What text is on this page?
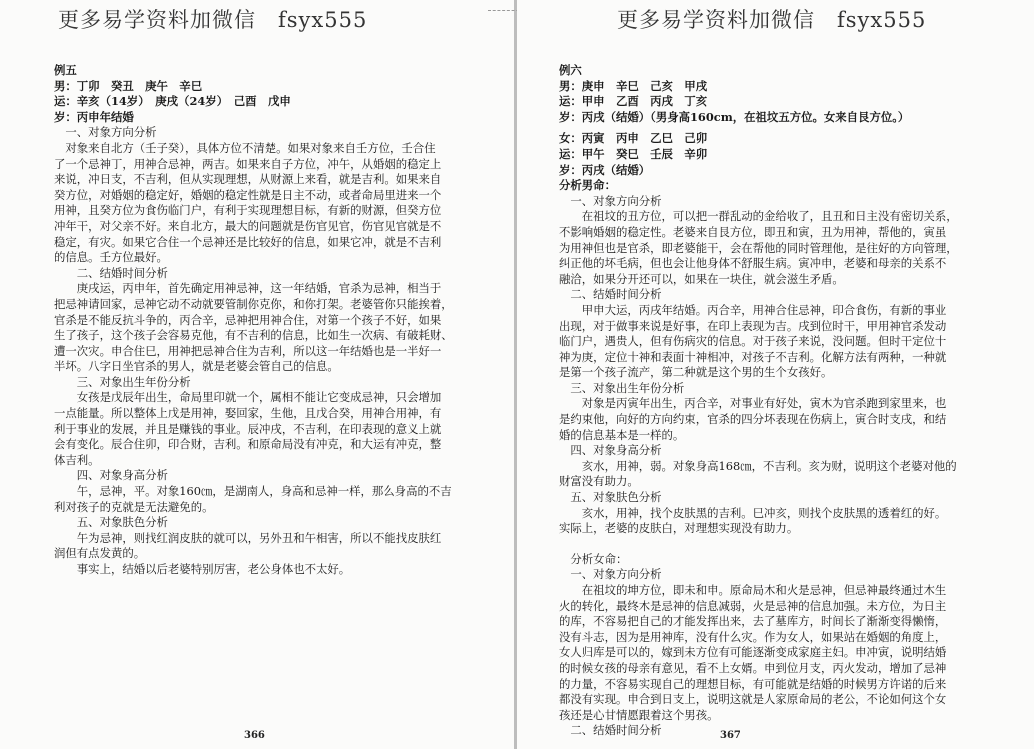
更多易学资料加微信　fsyx555
例五
男：丁卯　癸丑　庚午　辛巳
运：辛亥（14岁）　庚戌（24岁）　己酉　戊申
岁：丙申年结婚
　一、对象方向分析
　对象来自北方（壬子癸），具体方位不清楚。如果对象来自壬方位，壬合住
了一个忌神丁，用神合忌神，两吉。如果来自子方位，冲午，从婚姻的稳定上
来说，冲日支，不吉利，但从实现理想，从财源上来看，就是吉利。如果来自
癸方位，对婚姻的稳定好，婚姻的稳定性就是日主不动，或者命局里进来一个
用神，且癸方位为食伤临门户，有利于实现理想目标，有新的财源，但癸方位
冲年干，对父亲不好。来自北方，最大的问题就是伤官见官，伤官见官就是不
稳定，有灾。如果它合住一个忌神还是比较好的信息，如果它冲，就是不吉利
的信息。壬方位最好。
　　二、结婚时间分析
　　庚戌运，丙申年，首先确定用神忌神，这一年结婚，官杀为忌神，相当于
把忌神请回家，忌神它动不动就要管制你克你，和你打架。老婆管你只能挨着，
官杀是不能反抗斗争的，丙合辛，忌神把用神合住，对第一个孩子不好，如果
生了孩子，这个孩子会容易克他，有不吉利的信息，比如生一次病、有破耗财、
遭一次灾。申合住巳，用神把忌神合住为吉利，所以这一年结婚也是一半好一
半坏。八字日坐官杀的男人，就是老婆会管自己的信息。
　　三、对象出生年份分析
　　女孩是戊辰年出生，命局里印就一个，属相不能让它变成忌神，只会增加
一点能量。所以整体上戊是用神，娶回家，生他，且戊合癸，用神合用神，有
利于事业的发展，并且是赚钱的事业。辰冲戌，不吉利，在印表现的意义上就
会有变化。辰合住卯，印合财，吉利。和原命局没有冲克，和大运有冲克，整
体吉利。
　　四、对象身高分析
　　午，忌神，平。对象160㎝，是湖南人，身高和忌神一样，那么身高的不吉
利对孩子的克就是无法避免的。
　　五、对象肤色分析
　　午为忌神，则找红润皮肤的就可以，另外丑和午相害，所以不能找皮肤红
润但有点发黄的。
　　事实上，结婚以后老婆特别厉害，老公身体也不太好。
366
更多易学资料加微信　fsyx555
例六
男：庚申　辛巳　己亥　甲戌
运：甲申　乙酉　丙戌　丁亥
岁：丙戌（结婚）（男身高160cm，在祖坟五方位。女来自艮方位。）
女：丙寅　丙申　乙巳　己卯
运：甲午　癸巳　壬辰　辛卯
岁：丙戌（结婚）
分析男命：
　一、对象方向分析
　　在祖坟的丑方位，可以把一群乱动的金给收了，且丑和日主没有密切关系，
不影响婚姻的稳定性。老婆来自艮方位，即丑和寅，丑为用神，帮他的，寅虽
为用神但也是官杀，即老婆能干，会在帮他的同时管理他，是往好的方向管理，
纠正他的坏毛病，但也会让他身体不舒服生病。寅冲申，老婆和母亲的关系不
融洽，如果分开还可以，如果在一块住，就会滋生矛盾。
　二、结婚时间分析
　　甲申大运，丙戌年结婚。丙合辛，用神合住忌神，印合食伤，有新的事业
出现，对于做事来说是好事，在印上表现为吉。戌到位时干，甲用神官杀发动
临门户，遇贵人，但有伤病灾的信息。对于孩子来说，没问题。但时干定位十
神为庚，定位十神和表面十神相冲，对孩子不吉利。化解方法有两种，一种就
是第一个孩子流产，第二种就是这个男的生个女孩好。
　三、对象出生年份分析
　　对象是丙寅年出生，丙合辛，对事业有好处，寅木为官杀跑到家里来，也
是约束他，向好的方向约束，官杀的四分坏表现在伤病上，寅合时支戌，和结
婚的信息基本是一样的。
　四、对象身高分析
　　亥水，用神，弱。对象身高168㎝，不吉利。亥为财，说明这个老婆对他的
财富没有助力。
　五、对象肤色分析
　　亥水，用神，找个皮肤黑的吉利。巳冲亥，则找个皮肤黑的透着红的好。
实际上，老婆的皮肤白，对理想实现没有助力。
　分析女命：
　一、对象方向分析
　　在祖坟的坤方位，即未和申。原命局木和火是忌神，但忌神最终通过木生
火的转化，最终木是忌神的信息减弱，火是忌神的信息加强。未方位，为日主
的库，不容易把自己的才能发挥出来，去了墓库方，时间长了渐渐变得懒惰，
没有斗志，因为是用神库，没有什么灾。作为女人，如果站在婚姻的角度上，
女人归库是可以的，嫁到未方位有可能逐渐变成家庭主妇。申冲寅，说明结婚
的时候女孩的母亲有意见，看不上女婿。申到位月支，丙火发动，增加了忌神
的力量，不容易实现自己的理想目标，有可能就是结婚的时候男方许诺的后来
都没有实现。申合到日支上，说明这就是人家原命局的老公，不论如何这个女
孩还是心甘情愿跟着这个男孩。
　二、结婚时间分析	367
